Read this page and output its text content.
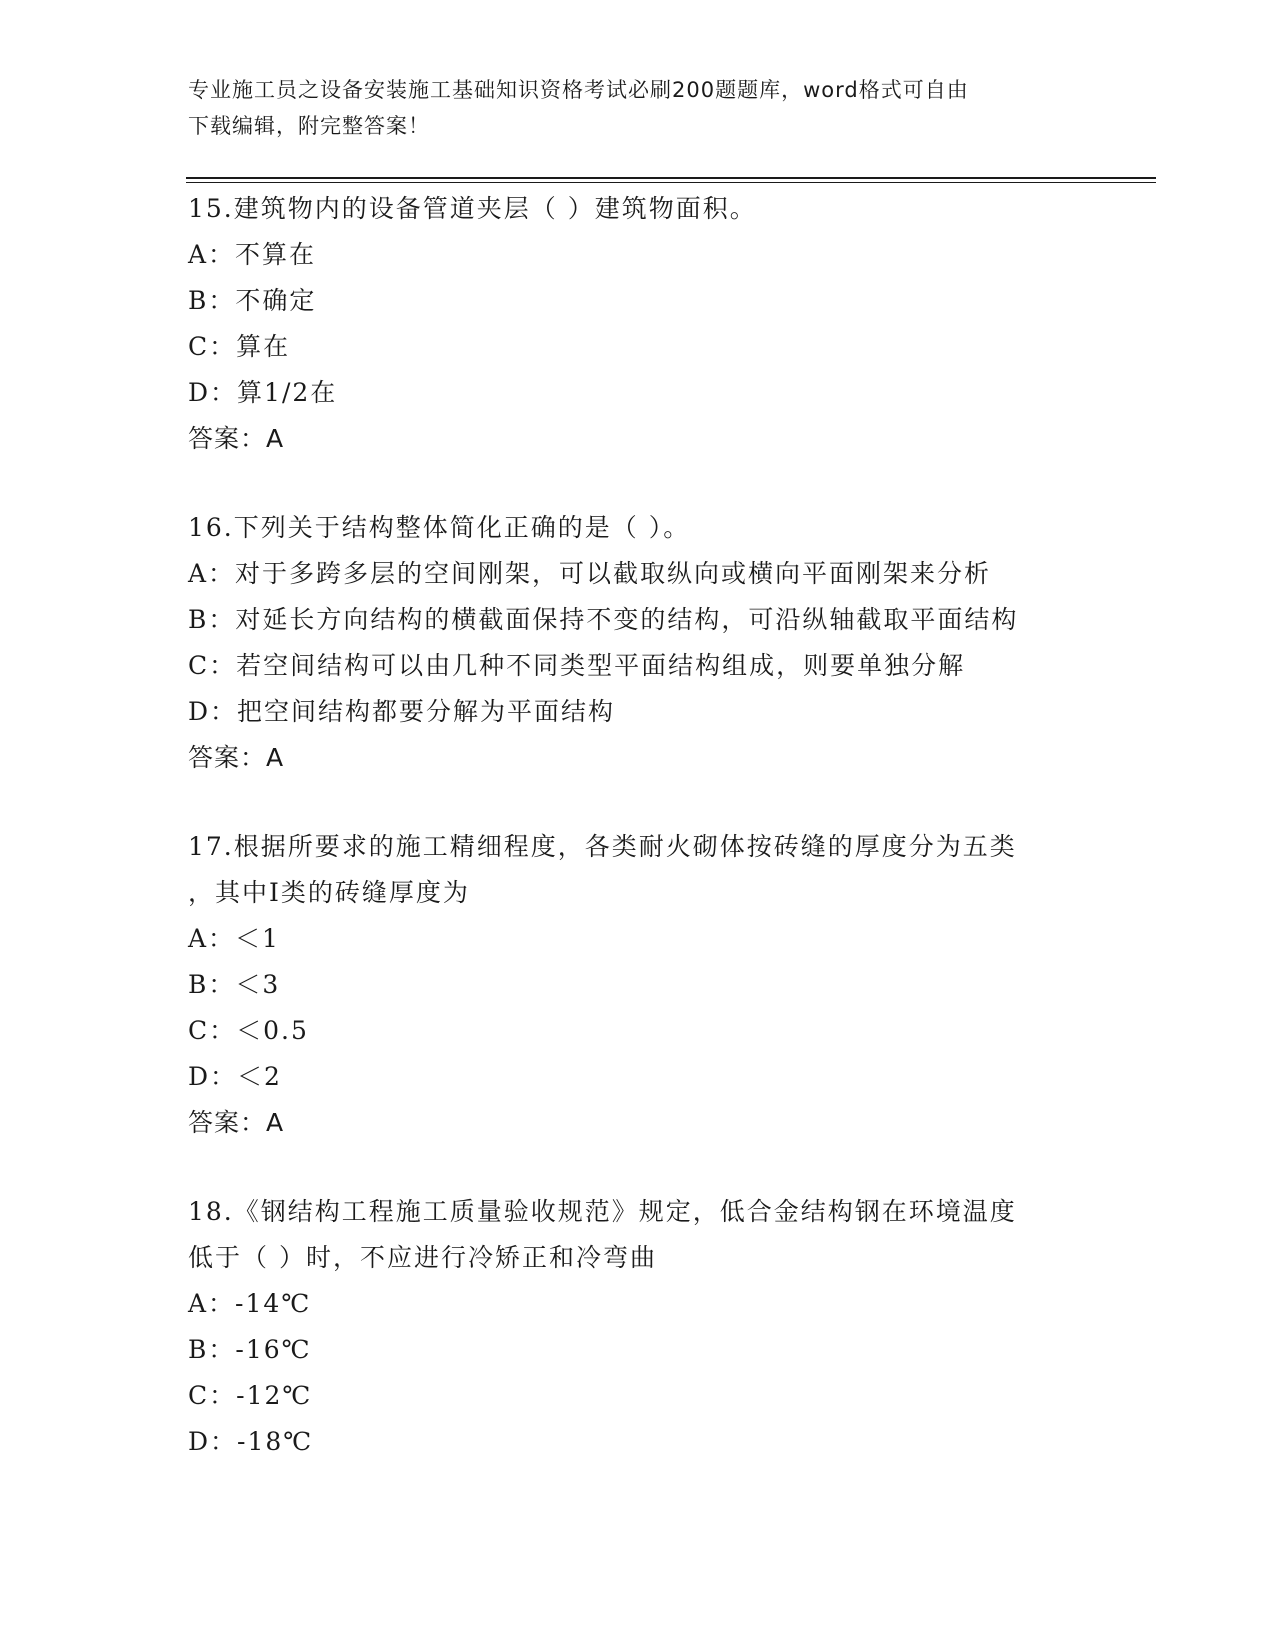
专业施工员之设备安装施工基础知识资格考试必刷200题题库，word格式可自由
下载编辑，附完整答案！
15.建筑物内的设备管道夹层（ ）建筑物面积。
A：不算在
B：不确定
C：算在
D：算1/2在
答案：A
16.下列关于结构整体简化正确的是（ ）。
A：对于多跨多层的空间刚架，可以截取纵向或横向平面刚架来分析
B：对延长方向结构的横截面保持不变的结构，可沿纵轴截取平面结构
C：若空间结构可以由几种不同类型平面结构组成，则要单独分解
D：把空间结构都要分解为平面结构
答案：A
17.根据所要求的施工精细程度，各类耐火砌体按砖缝的厚度分为五类
，其中Ⅰ类的砖缝厚度为
A：＜1
B：＜3
C：＜0.5
D：＜2
答案：A
18.《钢结构工程施工质量验收规范》规定，低合金结构钢在环境温度
低于（ ）时，不应进行冷矫正和冷弯曲
A：-14℃
B：-16℃
C：-12℃
D：-18℃
